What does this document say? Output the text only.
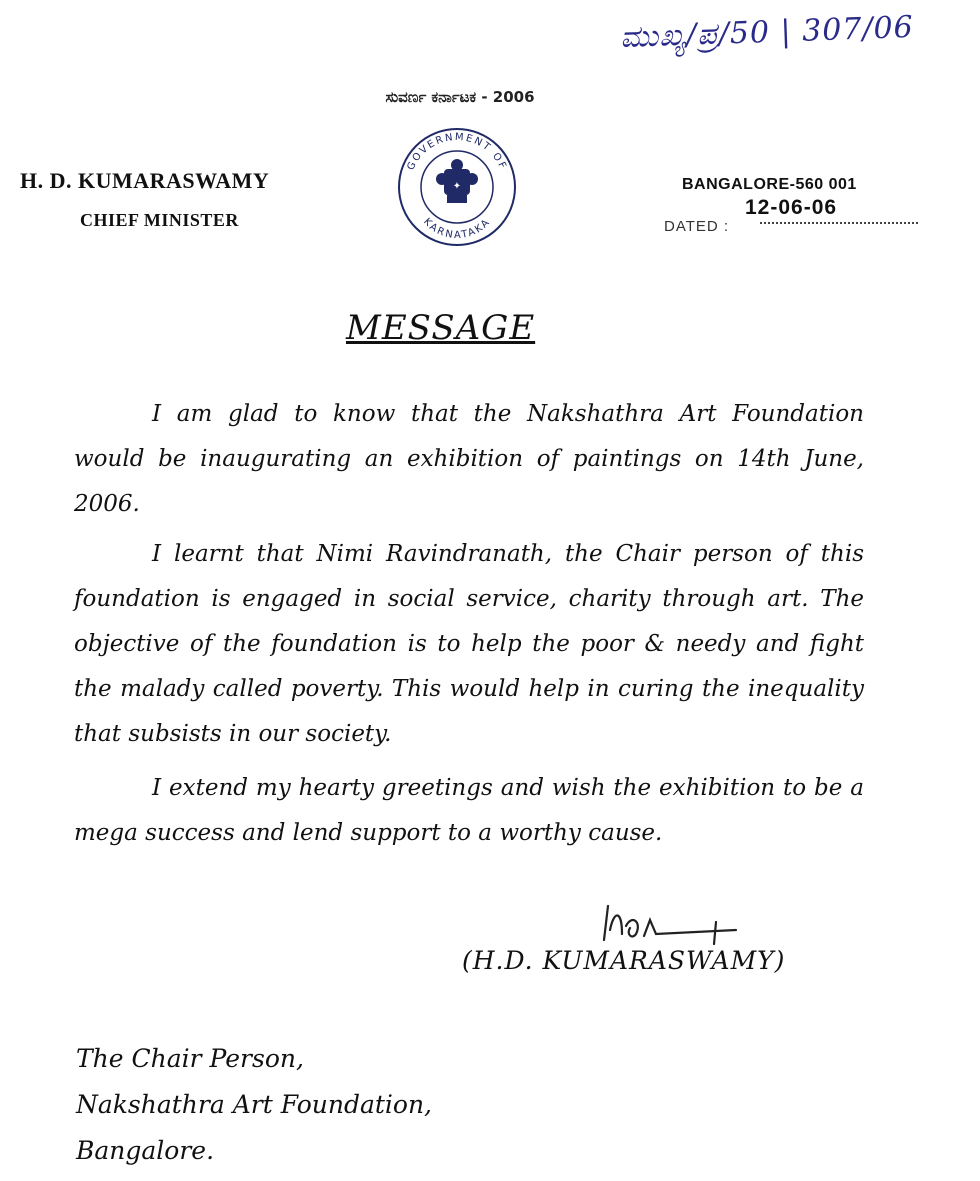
ಮುಖ್ಯ/ಪ್ರ/50 | 307/06
ಸುವರ್ಣ ಕರ್ನಾಟಕ - 2006
H. D. KUMARASWAMY
CHIEF MINISTER
GOVERNMENT OF
KARNATAKA
✦	BANGALORE-560 001
12-06-06
DATED :
MESSAGE
I am glad to know that the Nakshathra Art Foundation would be inaugurating an exhibition of paintings on 14th June, 2006.
I learnt that Nimi Ravindranath, the Chair person of this foundation is engaged in social service, charity through art. The objective of the foundation is to help the poor & needy and fight the malady called poverty. This would help in curing the inequality that subsists in our society.
I extend my hearty greetings and wish the exhibition to be a mega success and lend support to a worthy cause.
(H.D. KUMARASWAMY)
The Chair Person,
Nakshathra Art Foundation,
Bangalore.
